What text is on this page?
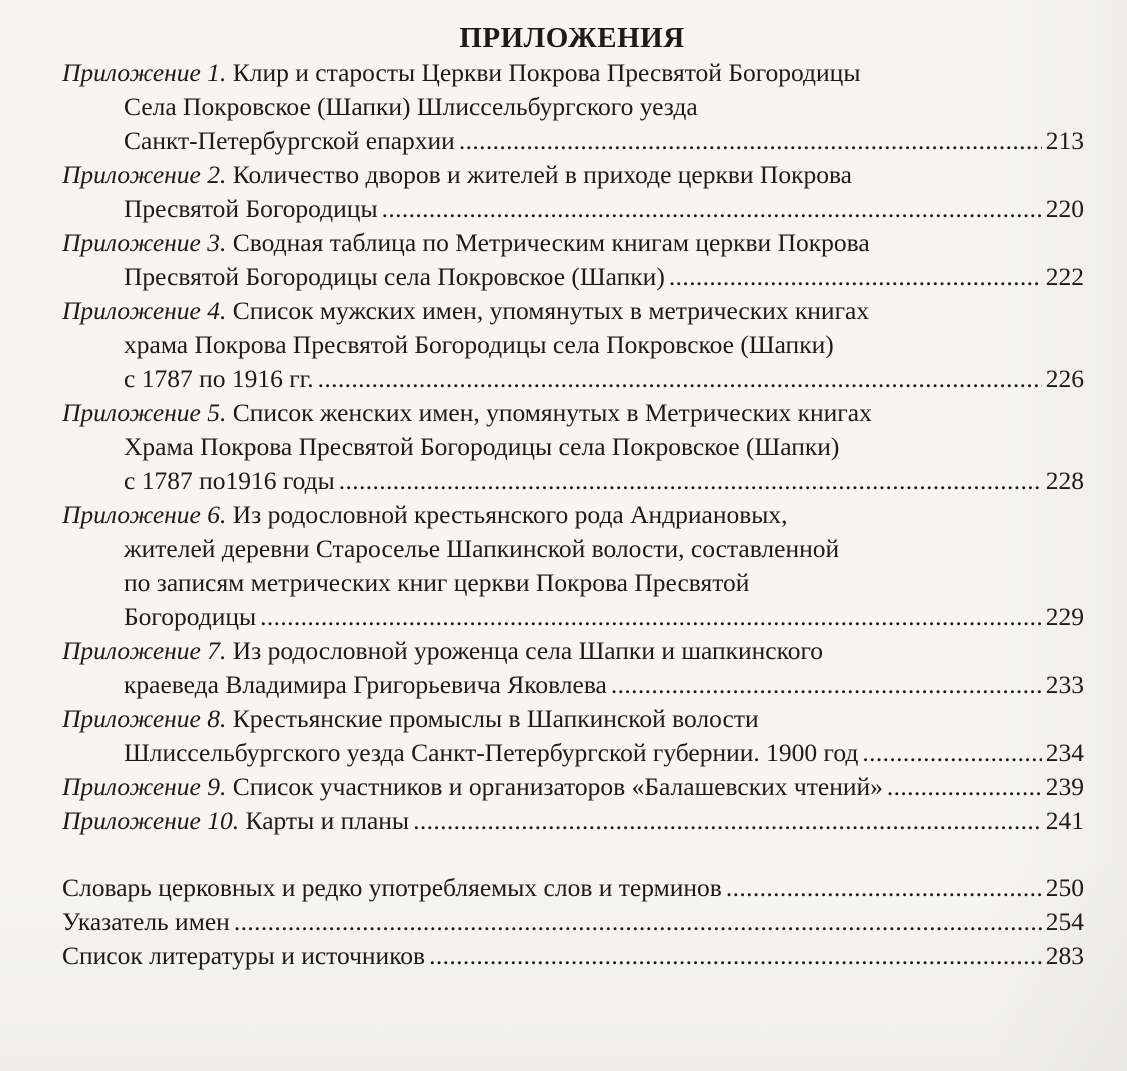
ПРИЛОЖЕНИЯ
Приложение 1. Клир и старосты Церкви Покрова Пресвятой Богородицы
Села Покровское (Шапки) Шлиссельбургского уезда
Санкт-Петербургской епархии . . .	213
Приложение 2. Количество дворов и жителей в приходе церкви Покрова
Пресвятой Богородицы . . .	220
Приложение 3. Сводная таблица по Метрическим книгам церкви Покрова
Пресвятой Богородицы села Покровское (Шапки) . . .	222
Приложение 4. Список мужских имен, упомянутых в метрических книгах
храма Покрова Пресвятой Богородицы села Покровское (Шапки)
с 1787 по 1916 гг. . . .	226
Приложение 5. Список женских имен, упомянутых в Метрических книгах
Храма Покрова Пресвятой Богородицы села Покровское (Шапки)
с 1787 по1916 годы . . .	228
Приложение 6. Из родословной крестьянского рода Андриановых,
жителей деревни Староселье Шапкинской волости, составленной
по записям метрических книг церкви Покрова Пресвятой
Богородицы . . .	229
Приложение 7. Из родословной уроженца села Шапки и шапкинского
краеведа Владимира Григорьевича Яковлева . . .	233
Приложение 8. Крестьянские промыслы в Шапкинской волости
Шлиссельбургского уезда Санкт-Петербургской губернии. 1900 год . . .	234
Приложение 9. Список участников и организаторов «Балашевских чтений» . . .	239
Приложение 10. Карты и планы . . .	241
Словарь церковных и редко употребляемых слов и терминов . . .	250
Указатель имен . . .	254
Список литературы и источников . . .	283
